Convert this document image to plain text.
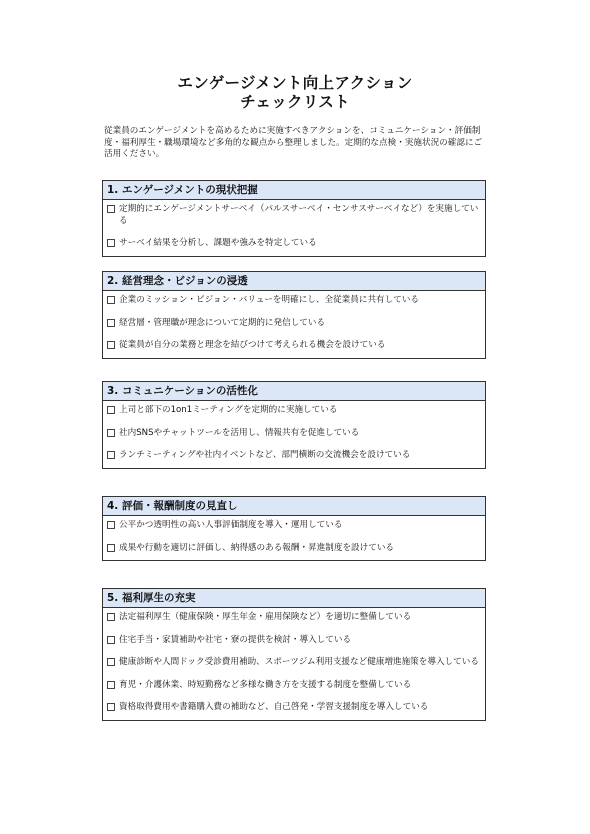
エンゲージメント向上アクション
チェックリスト
従業員のエンゲージメントを高めるために実施すべきアクションを、コミュニケーション・評価制度・福利厚生・職場環境など多角的な観点から整理しました。定期的な点検・実施状況の確認にご活用ください。
1. エンゲージメントの現状把握
定期的にエンゲージメントサーベイ（パルスサーベイ・センサスサーベイなど）を実施している
サーベイ結果を分析し、課題や強みを特定している
2. 経営理念・ビジョンの浸透
企業のミッション・ビジョン・バリューを明確にし、全従業員に共有している
経営層・管理職が理念について定期的に発信している
従業員が自分の業務と理念を結びつけて考えられる機会を設けている
3. コミュニケーションの活性化
上司と部下の1on1ミーティングを定期的に実施している
社内SNSやチャットツールを活用し、情報共有を促進している
ランチミーティングや社内イベントなど、部門横断の交流機会を設けている
4. 評価・報酬制度の見直し
公平かつ透明性の高い人事評価制度を導入・運用している
成果や行動を適切に評価し、納得感のある報酬・昇進制度を設けている
5. 福利厚生の充実
法定福利厚生（健康保険・厚生年金・雇用保険など）を適切に整備している
住宅手当・家賃補助や社宅・寮の提供を検討・導入している
健康診断や人間ドック受診費用補助、スポーツジム利用支援など健康増進施策を導入している
育児・介護休業、時短勤務など多様な働き方を支援する制度を整備している
資格取得費用や書籍購入費の補助など、自己啓発・学習支援制度を導入している
